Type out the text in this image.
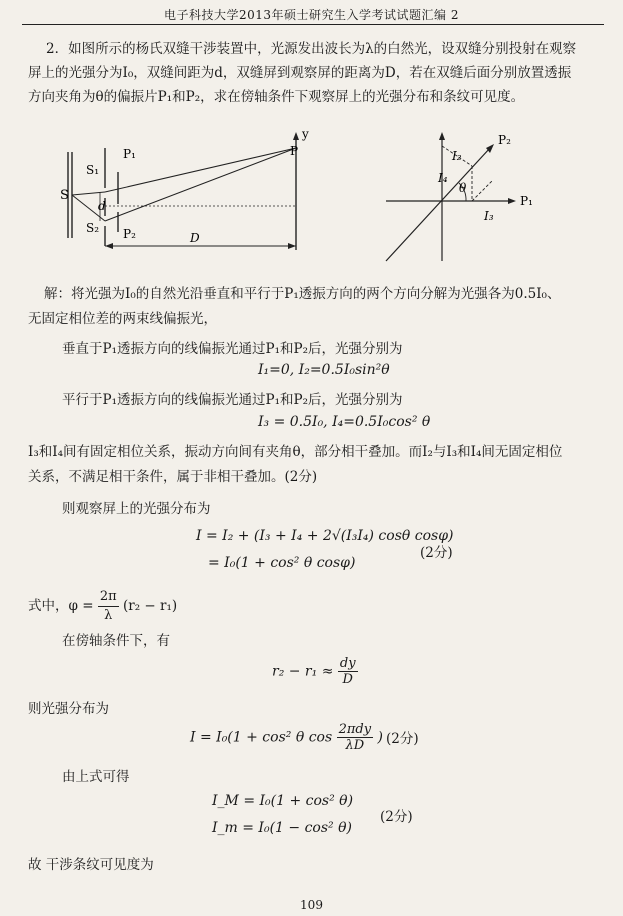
电子科技大学2013年硕士研究生入学考试试题汇编 2
2．如图所示的杨氏双缝干涉装置中，光源发出波长为λ的白然光，设双缝分别投射在观察
屏上的光强分为I₀，双缝间距为d，双缝屏到观察屏的距离为D，若在双缝后面分别放置透振
方向夹角为θ的偏振片P₁和P₂，求在傍轴条件下观察屏上的光强分布和条纹可见度。
S
S₁
S₂
P₁
P₂
d
D
P
y
I₂
P₂
I₄
θ
P₁
I₃
解：将光强为I₀的自然光沿垂直和平行于P₁透振方向的两个方向分解为光强各为0.5I₀、
无固定相位差的两束线偏振光，
垂直于P₁透振方向的线偏振光通过P₁和P₂后，光强分别为
I₁=0, I₂=0.5I₀sin²θ
平行于P₁透振方向的线偏振光通过P₁和P₂后，光强分别为
I₃ = 0.5I₀, I₄=0.5I₀cos² θ
I₃和I₄间有固定相位关系，振动方向间有夹角θ，部分相干叠加。而I₂与I₃和I₄间无固定相位
关系，不满足相干条件，属于非相干叠加。(2分)
则观察屏上的光强分布为
I = I₂ + (I₃ + I₄ + 2√(I₃I₄) cosθ cosφ)
= I₀(1 + cos² θ cosφ)
(2分)
式中，$\varphi = \frac{2\pi}{\lambda} (r_2 - r_1)$
在傍轴条件下，有
$r_2 - r_1 \approx \frac{dy}{D}$
则光强分布为
I = I₀(1 + cos² θ $\cos \frac{\text{2πdy}}{\lambda D}$ ) (2分)
由上式可得
I_M = I₀(1 + cos² θ)
I_m = I₀(1 − cos² θ)
(2分)
故 干涉条纹可见度为
109
